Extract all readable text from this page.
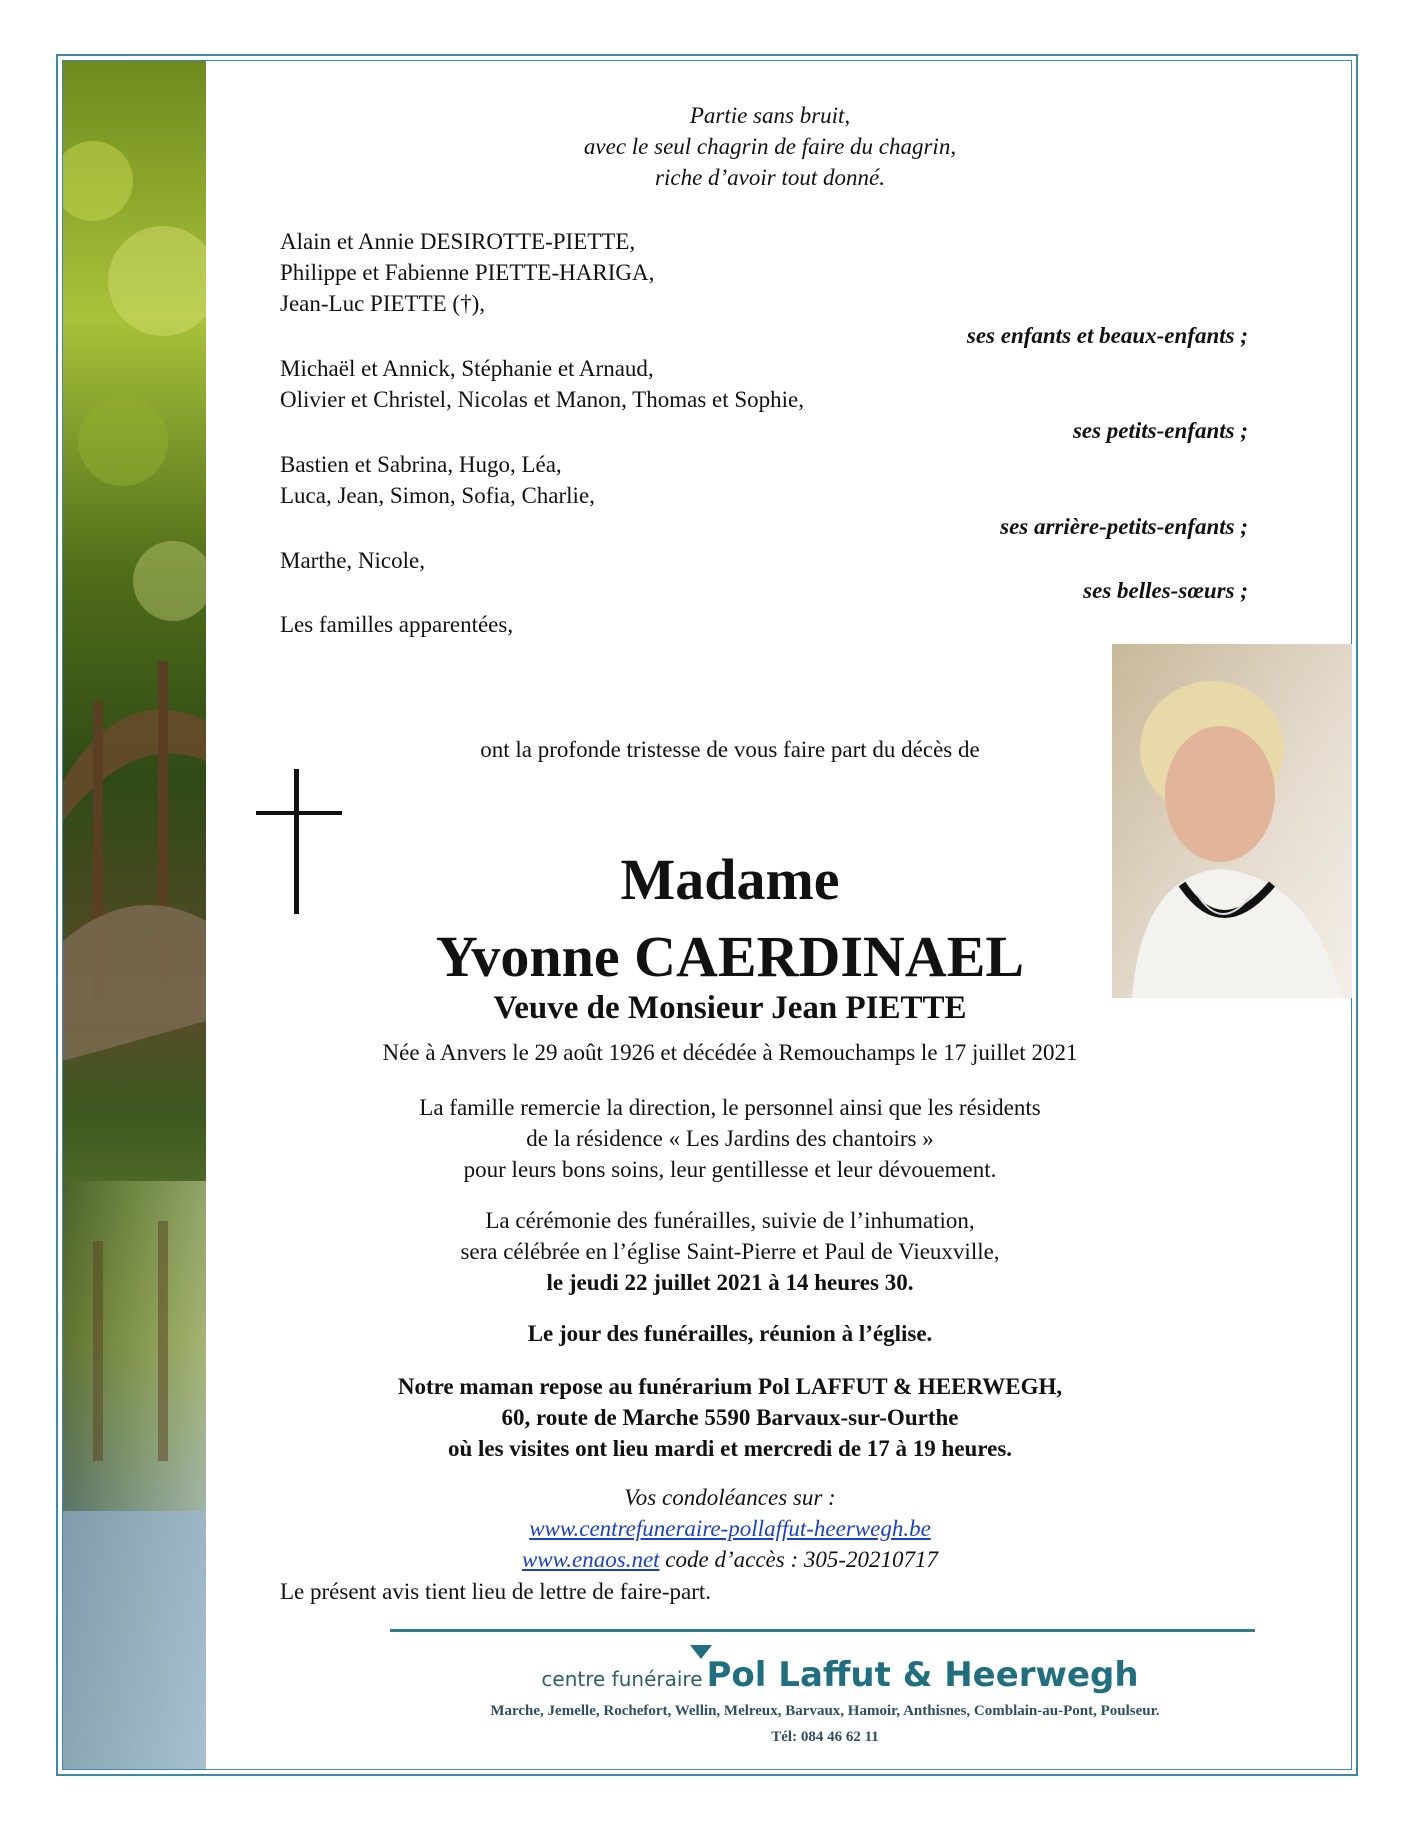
Partie sans bruit,
avec le seul chagrin de faire du chagrin,
riche d’avoir tout donné.
Alain et Annie DESIROTTE-PIETTE,
Philippe et Fabienne PIETTE-HARIGA,
Jean-Luc PIETTE (†),
ses enfants et beaux-enfants ;
Michaël et Annick, Stéphanie et Arnaud,
Olivier et Christel, Nicolas et Manon, Thomas et Sophie,
ses petits-enfants ;
Bastien et Sabrina, Hugo, Léa,
Luca, Jean, Simon, Sofia, Charlie,
ses arrière-petits-enfants ;
Marthe, Nicole,
ses belles-sœurs ;
Les familles apparentées,
ont la profonde tristesse de vous faire part du décès de
Madame
Yvonne CAERDINAEL
Veuve de Monsieur Jean PIETTE
Née à Anvers le 29 août 1926 et décédée à Remouchamps le 17 juillet 2021
La famille remercie la direction, le personnel ainsi que les résidents
de la résidence « Les Jardins des chantoirs »
pour leurs bons soins, leur gentillesse et leur dévouement.
La cérémonie des funérailles, suivie de l’inhumation,
sera célébrée en l’église Saint-Pierre et Paul de Vieuxville,
le jeudi 22 juillet 2021 à 14 heures 30.
Le jour des funérailles, réunion à l’église.
Notre maman repose au funérarium Pol LAFFUT & HEERWEGH,
60, route de Marche 5590 Barvaux-sur-Ourthe
où les visites ont lieu mardi et mercredi de 17 à 19 heures.
Vos condoléances sur :
www.centrefuneraire-pollaffut-heerwegh.be
www.enaos.net code d’accès : 305-20210717
Le présent avis tient lieu de lettre de faire-part.
centre funéraire Pol Laffut & Heerwegh
Marche, Jemelle, Rochefort, Wellin, Melreux, Barvaux, Hamoir, Anthisnes, Comblain-au-Pont, Poulseur.
Tél: 084 46 62 11
